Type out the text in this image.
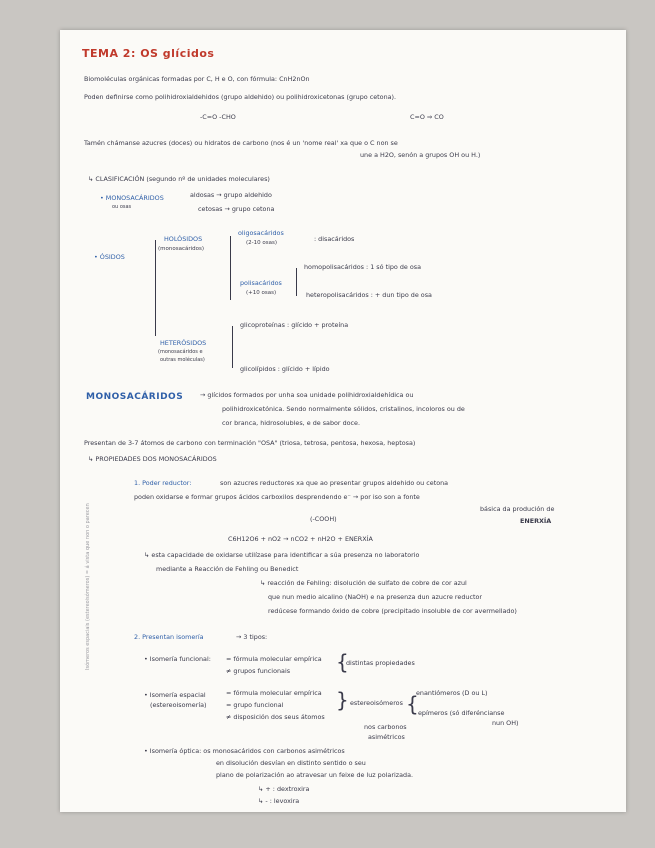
TEMA 2: OS glícidos
Biomoléculas orgánicas formadas por C, H e O, con fórmula: CnH2nOn
Poden definirse como polihidroxialdehidos (grupo aldehido) ou polihidroxicetonas (grupo cetona).
-C=O -CHO	C=O ⇒ CO
Tamén chámanse azucres (doces) ou hidratos de carbono (nos é un 'nome real' xa que o C non se
une a H2O, senón a grupos OH ou H.)
↳ CLASIFICACIÓN (segundo nº de unidades moleculares)
• MONOSACÁRIDOS
ou osas
aldosas → grupo aldehido
cetosas → grupo cetona
• ÓSIDOS
HOLÓSIDOS
(monosacáridos)
oligosacáridos
(2-10 osas)	: disacáridos
polisacáridos
(+10 osas)
homopolisacáridos : 1 só tipo de osa
heteropolisacáridos : + dun tipo de osa
HETERÓSIDOS
(monosacáridos e
outras moléculas)
glicoproteínas : glícido + proteína
glicolípidos : glícido + lípido
MONOSACÁRIDOS	→ glícidos formados por unha soa unidade polihidroxialdehídica ou
polihidroxicetónica. Sendo normalmente sólidos, cristalinos, incoloros ou de
cor branca, hidrosolubles, e de sabor doce.
Presentan de 3-7 átomos de carbono con terminación "OSA" (triosa, tetrosa, pentosa, hexosa, heptosa)
↳ PROPIEDADES DOS MONOSACÁRIDOS
1. Poder reductor:	son azucres reductores xa que ao presentar grupos aldehido ou cetona
poden oxidarse e formar grupos ácidos carboxilos desprendendo e⁻ → por iso son a fonte
básica da produción de
ENERXÍA
(-COOH)
C6H12O6 + nO2 → nCO2 + nH2O + ENERXÍA
↳ esta capacidade de oxidarse utilízase para identificar a súa presenza no laboratorio
mediante a Reacción de Fehling ou Benedict
↳ reacción de Fehling: disolución de sulfato de cobre de cor azul
que nun medio alcalino (NaOH) e na presenza dun azucre reductor
redúcese formando óxido de cobre (precipitado insoluble de cor avermellado)
2. Presentan isomería	→ 3 tipos:
• Isomería funcional: = fórmula molecular empírica
≠ grupos funcionais {
distintas propiedades
• Isomería espacial
(estereoisomería)
= fórmula molecular empírica
= grupo funcional
≠ disposición dos seus átomos
} estereoisómeros {
enantiómeros (D ou L)
epímeros (só diferéncianse
nun OH)
nos carbonos
asimétricos
• Isomería óptica: os monosacáridos con carbonos asimétricos
en disolución desvían en distinto sentido o seu
plano de polarización ao atravesar un feixe de luz polarizada.
↳ + : dextroxira
↳ - : levoxira
Isómeros espaciais (estereoisómeros) = á vista que non o parecen
